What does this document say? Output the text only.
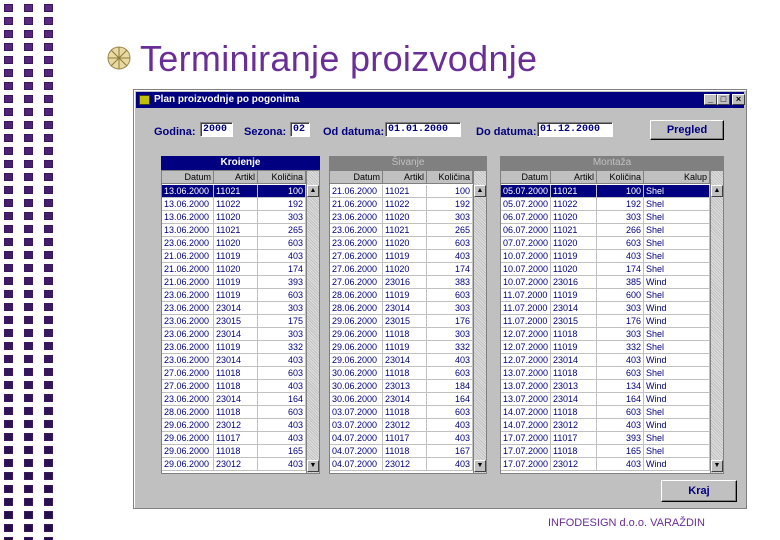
Terminiranje proizvodnje
Plan proizvodnje po pogonima	_ □	×
Godina: 2000	Sezona: 02	Od datuma: 01.01.2000	Do datuma: 01.12.2000	Pregled
Kroienje
Datum	Artikl	Količina
13.06.2000 11021	100
13.06.2000 11022	192
13.06.2000 11020	303
13.06.2000 11021	265
23.06.2000 11020	603
21.06.2000 11019	403
21.06.2000 11020	174
21.06.2000 11019	393
23.06.2000 11019	603
23.06.2000 23014	303
23.06.2000 23015	175
23.06.2000 23014	303
23.06.2000 11019	332
23.06.2000 23014	403
27.06.2000 11018	603
27.06.2000 11018	403
23.06.2000 23014	164
28.06.2000 11018	603
29.06.2000 23012	403
29.06.2000 11017	403
29.06.2000 11018	165
29.06.2000 23012	403
▲
▼
Šivanje
Datum	Artikl	Količina
21.06.2000 11021	100
21.06.2000 11022	192
23.06.2000 11020	303
23.06.2000 11021	265
23.06.2000 11020	603
27.06.2000 11019	403
27.06.2000 11020	174
27.06.2000 23016	383
28.06.2000 11019	603
28.06.2000 23014	303
29.06.2000 23015	176
29.06.2000 11018	303
29.06.2000 11019	332
29.06.2000 23014	403
30.06.2000 11018	603
30.06.2000 23013	184
30.06.2000 23014	164
03.07.2000 11018	603
03.07.2000 23012	403
04.07.2000 11017	403
04.07.2000 11018	167
04.07.2000 23012	403
▲
▼
Montaža
Datum	Artikl	Količina	Kalup
05.07.2000 11021	100 Shel
05.07.2000 11022	192 Shel
06.07.2000 11020	303 Shel
06.07.2000 11021	266 Shel
07.07.2000 11020	603 Shel
10.07.2000 11019	403 Shel
10.07.2000 11020	174 Shel
10.07.2000 23016	385 Wind
11.07.2000 11019	600 Shel
11.07.2000 23014	303 Wind
11.07.2000 23015	176 Wind
12.07.2000 11018	303 Shel
12.07.2000 11019	332 Shel
12.07.2000 23014	403 Wind
13.07.2000 11018	603 Shel
13.07.2000 23013	134 Wind
13.07.2000 23014	164 Wind
14.07.2000 11018	603 Shel
14.07.2000 23012	403 Wind
17.07.2000 11017	393 Shel
17.07.2000 11018	165 Shel
17.07.2000 23012	403 Wind
▲
▼
Kraj
INFODESIGN d.o.o. VARAŽDIN
